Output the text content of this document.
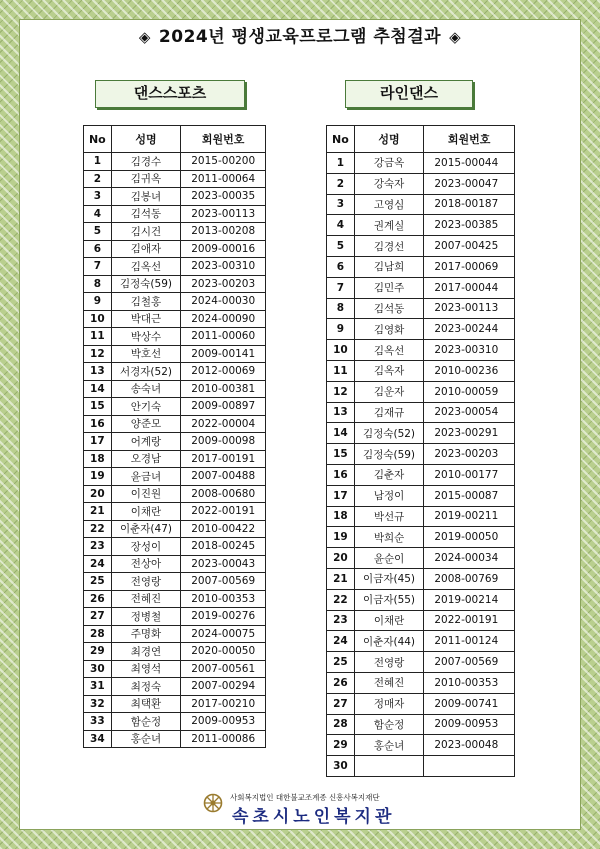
◈ 2024년 평생교육프로그램 추첨결과 ◈
댄스스포츠	라인댄스
No	성명	회원번호
1	김경수	2015-00200
2	김귀옥	2011-00064
3	김봉녀	2023-00035
4	김석동	2023-00113
5	김시건	2013-00208
6	김애자	2009-00016
7	김옥선	2023-00310
8	김정숙(59)	2023-00203
9	김철홍	2024-00030
10	박대근	2024-00090
11	박상수	2011-00060
12	박호선	2009-00141
13	서경자(52)	2012-00069
14	송숙녀	2010-00381
15	안기숙	2009-00897
16	양준모	2022-00004
17	어계랑	2009-00098
18	오경남	2017-00191
19	윤금녀	2007-00488
20	이진원	2008-00680
21	이채란	2022-00191
22	이춘자(47)	2010-00422
23	장성이	2018-00245
24	전상아	2023-00043
25	전영랑	2007-00569
26	전혜진	2010-00353
27	정병철	2019-00276
28	주명화	2024-00075
29	최경연	2020-00050
30	최영석	2007-00561
31	최정숙	2007-00294
32	최택환	2017-00210
33	함순정	2009-00953
34	홍순녀	2011-00086
No	성명	회원번호
1	강금옥	2015-00044
2	강숙자	2023-00047
3	고영심	2018-00187
4	권계실	2023-00385
5	김경선	2007-00425
6	김남희	2017-00069
7	김민주	2017-00044
8	김석동	2023-00113
9	김영화	2023-00244
10	김옥선	2023-00310
11	김옥자	2010-00236
12	김운자	2010-00059
13	김재규	2023-00054
14	김정숙(52)	2023-00291
15	김정숙(59)	2023-00203
16	김춘자	2010-00177
17	남정이	2015-00087
18	박선규	2019-00211
19	박희순	2019-00050
20	윤순이	2024-00034
21	이금자(45)	2008-00769
22	이금자(55)	2019-00214
23	이채란	2022-00191
24	이춘자(44)	2011-00124
25	전영랑	2007-00569
26	전혜진	2010-00353
27	정매자	2009-00741
28	함순정	2009-00953
29	홍순녀	2023-00048
30		
사회복지법인 대한불교조계종 신흥사복지재단
속초시노인복지관
